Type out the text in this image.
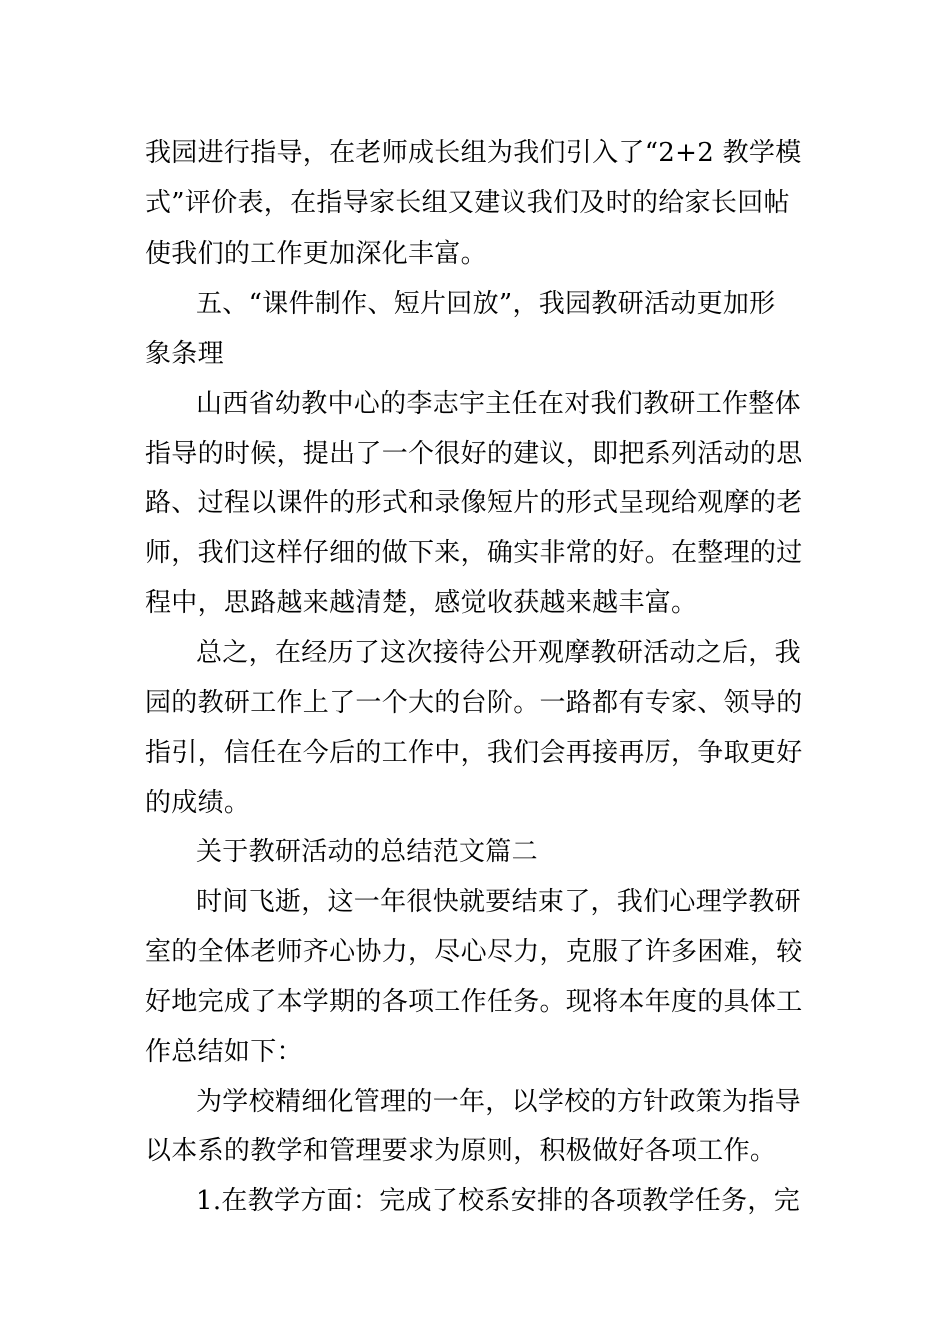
我园进行指导，在老师成长组为我们引入了“2+2 教学模
式”评价表，在指导家长组又建议我们及时的给家长回帖
使我们的工作更加深化丰富。
五、“课件制作、短片回放”，我园教研活动更加形
象条理
山西省幼教中心的李志宇主任在对我们教研工作整体
指导的时候，提出了一个很好的建议，即把系列活动的思
路、过程以课件的形式和录像短片的形式呈现给观摩的老
师，我们这样仔细的做下来，确实非常的好。在整理的过
程中，思路越来越清楚，感觉收获越来越丰富。
总之，在经历了这次接待公开观摩教研活动之后，我
园的教研工作上了一个大的台阶。一路都有专家、领导的
指引，信任在今后的工作中，我们会再接再厉，争取更好
的成绩。
关于教研活动的总结范文篇二
时间飞逝，这一年很快就要结束了，我们心理学教研
室的全体老师齐心协力，尽心尽力，克服了许多困难，较
好地完成了本学期的各项工作任务。现将本年度的具体工
作总结如下：
为学校精细化管理的一年，以学校的方针政策为指导
以本系的教学和管理要求为原则，积极做好各项工作。
1.在教学方面：完成了校系安排的各项教学任务，完
